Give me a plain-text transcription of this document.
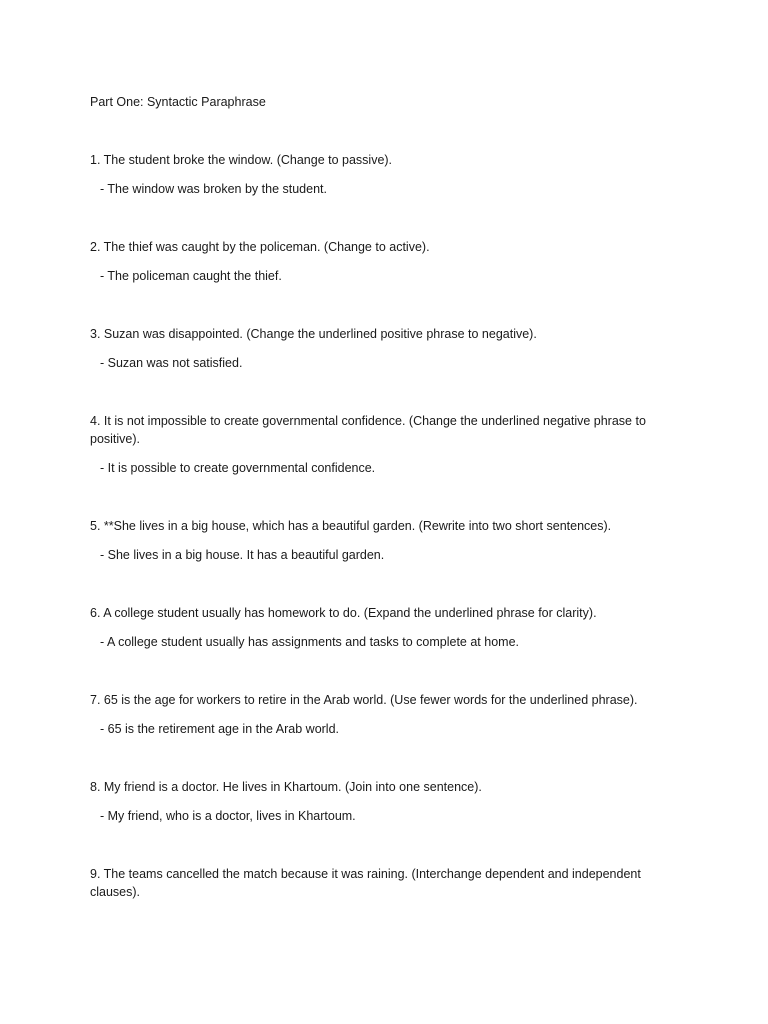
Part One: Syntactic Paraphrase
1. The student broke the window. (Change to passive).
- The window was broken by the student.
2. The thief was caught by the policeman. (Change to active).
- The policeman caught the thief.
3. Suzan was disappointed. (Change the underlined positive phrase to negative).
- Suzan was not satisfied.
4. It is not impossible to create governmental confidence. (Change the underlined negative phrase to positive).
- It is possible to create governmental confidence.
5. **She lives in a big house, which has a beautiful garden. (Rewrite into two short sentences).
- She lives in a big house. It has a beautiful garden.
6. A college student usually has homework to do. (Expand the underlined phrase for clarity).
- A college student usually has assignments and tasks to complete at home.
7. 65 is the age for workers to retire in the Arab world. (Use fewer words for the underlined phrase).
- 65 is the retirement age in the Arab world.
8. My friend is a doctor. He lives in Khartoum. (Join into one sentence).
- My friend, who is a doctor, lives in Khartoum.
9. The teams cancelled the match because it was raining. (Interchange dependent and independent clauses).
